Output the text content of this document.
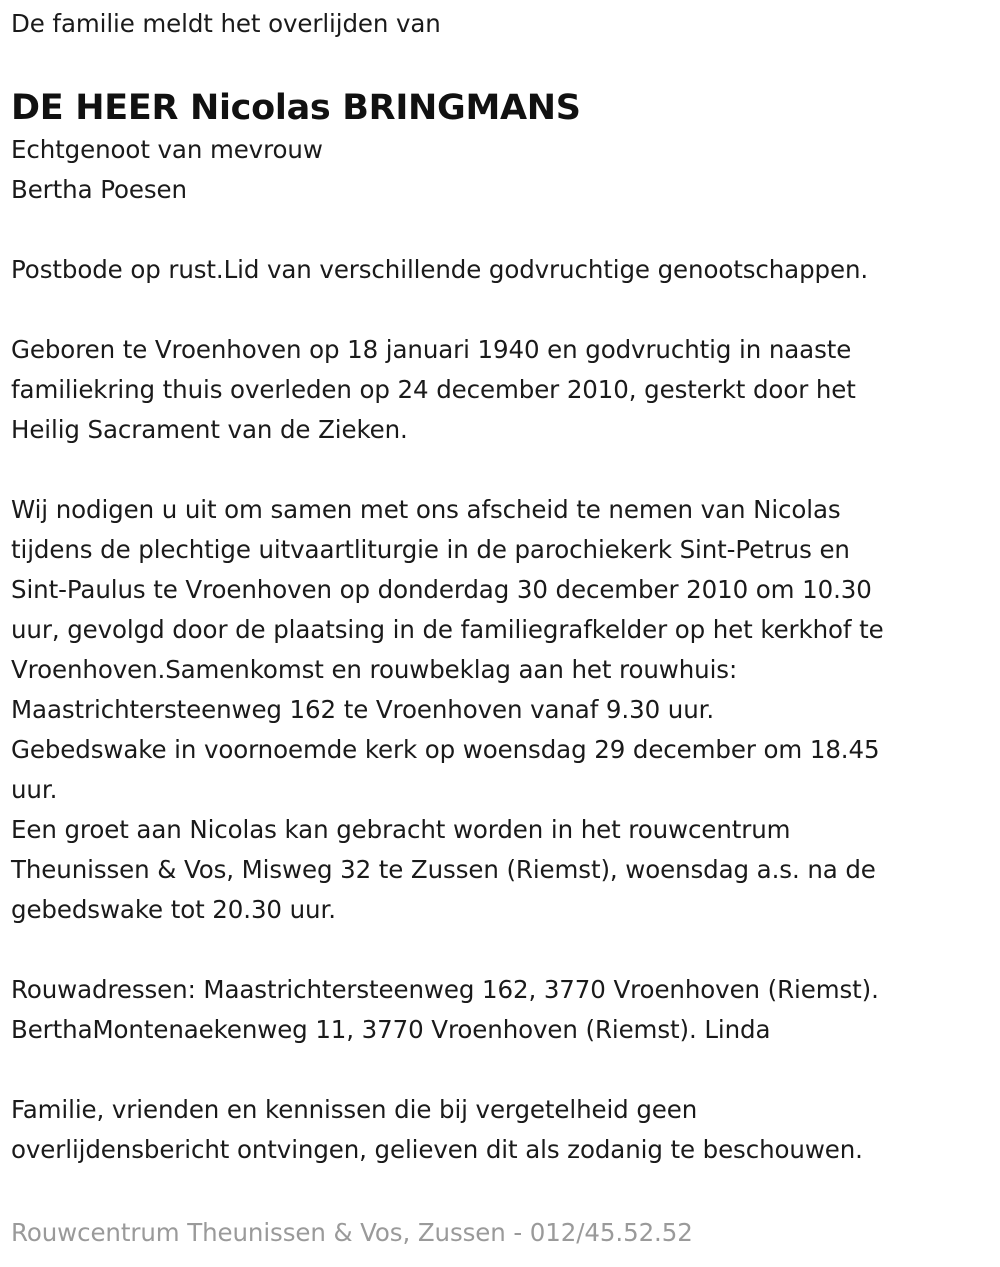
De familie meldt het overlijden van
DE HEER Nicolas BRINGMANS
Echtgenoot van mevrouw
Bertha Poesen
Postbode op rust.Lid van verschillende godvruchtige genootschappen.
Geboren te Vroenhoven op 18 januari 1940 en godvruchtig in naaste
familiekring thuis overleden op 24 december 2010, gesterkt door het
Heilig Sacrament van de Zieken.
Wij nodigen u uit om samen met ons afscheid te nemen van Nicolas
tijdens de plechtige uitvaartliturgie in de parochiekerk Sint-Petrus en
Sint-Paulus te Vroenhoven op donderdag 30 december 2010 om 10.30
uur, gevolgd door de plaatsing in de familiegrafkelder op het kerkhof te
Vroenhoven.Samenkomst en rouwbeklag aan het rouwhuis:
Maastrichtersteenweg 162 te Vroenhoven vanaf 9.30 uur.
Gebedswake in voornoemde kerk op woensdag 29 december om 18.45
uur.
Een groet aan Nicolas kan gebracht worden in het rouwcentrum
Theunissen & Vos, Misweg 32 te Zussen (Riemst), woensdag a.s. na de
gebedswake tot 20.30 uur.
Rouwadressen: Maastrichtersteenweg 162, 3770 Vroenhoven (Riemst).
BerthaMontenaekenweg 11, 3770 Vroenhoven (Riemst). Linda
Familie, vrienden en kennissen die bij vergetelheid geen
overlijdensbericht ontvingen, gelieven dit als zodanig te beschouwen.
Rouwcentrum Theunissen & Vos, Zussen - 012/45.52.52
